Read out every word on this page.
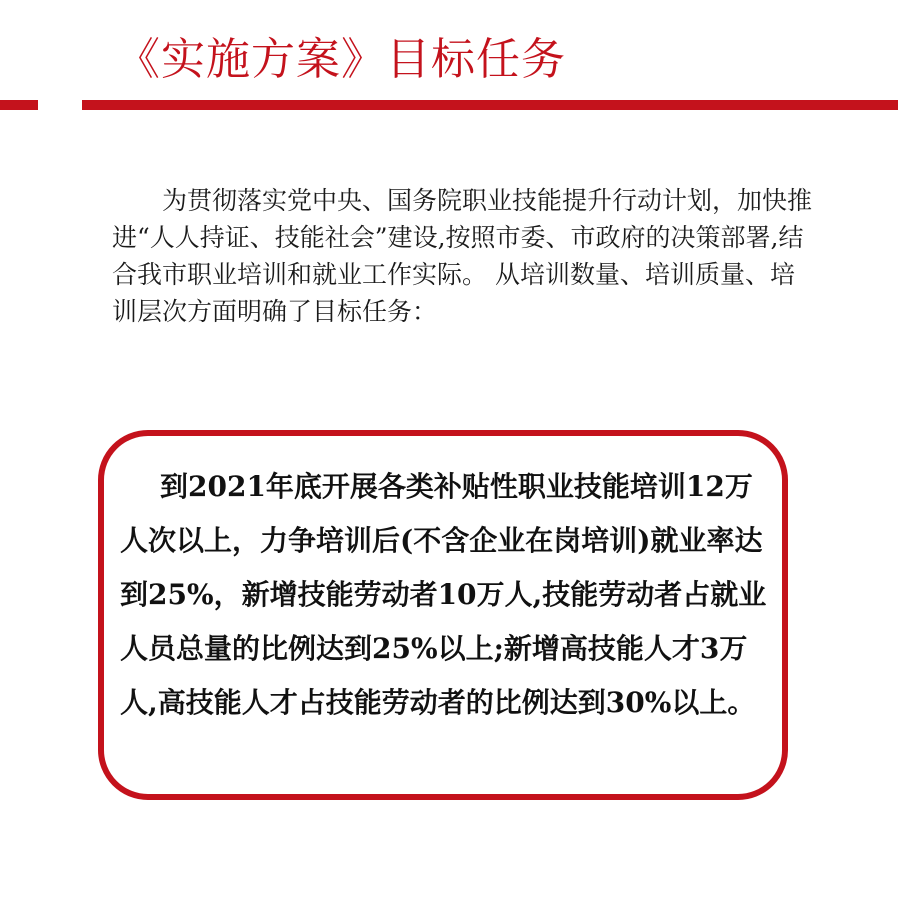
《实施方案》目标任务

为贯彻落实党中央、国务院职业技能提升行动计划，加快推进“人人持证、技能社会”建设,按照市委、市政府的决策部署,结合我市职业培训和就业工作实际。 从培训数量、培训质量、培训层次方面明确了目标任务：

到2021年底开展各类补贴性职业技能培训12万人次以上，力争培训后(不含企业在岗培训)就业率达到25%，新增技能劳动者10万人,技能劳动者占就业人员总量的比例达到25%以上;新增高技能人才3万人,高技能人才占技能劳动者的比例达到30%以上。
